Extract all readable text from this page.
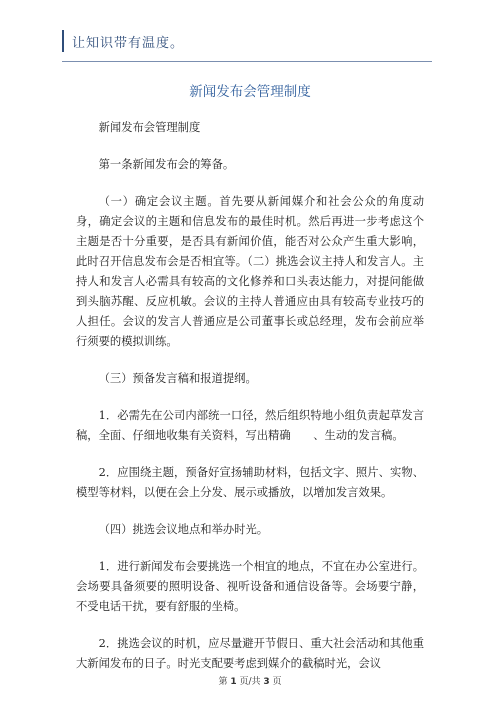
让知识带有温度。
新闻发布会管理制度

新闻发布会管理制度

第一条新闻发布会的筹备。

（一）确定会议主题。首先要从新闻媒介和社会公众的角度动身，确定会议的主题和信息发布的最佳时机。然后再进一步考虑这个主题是否十分重要，是否具有新闻价值，能否对公众产生重大影响，此时召开信息发布会是否相宜等。（二）挑选会议主持人和发言人。主持人和发言人必需具有较高的文化修养和口头表达能力，对提问能做到头脑苏醒、反应机敏。会议的主持人普通应由具有较高专业技巧的人担任。会议的发言人普通应是公司董事长或总经理，发布会前应举行须要的模拟训练。

（三）预备发言稿和报道提纲。

1．必需先在公司内部统一口径，然后组织特地小组负责起草发言稿，全面、仔细地收集有关资料，写出精确　　、生动的发言稿。

2．应围绕主题，预备好宣扬辅助材料，包括文字、照片、实物、模型等材料，以便在会上分发、展示或播放，以增加发言效果。

（四）挑选会议地点和举办时光。

1．进行新闻发布会要挑选一个相宜的地点，不宜在办公室进行。会场要具备须要的照明设备、视听设备和通信设备等。会场要宁静，不受电话干扰，要有舒服的坐椅。

2．挑选会议的时机，应尽量避开节假日、重大社会活动和其他重大新闻发布的日子。时光支配要考虑到媒介的截稿时光，会议

第 1 页/共 3 页
